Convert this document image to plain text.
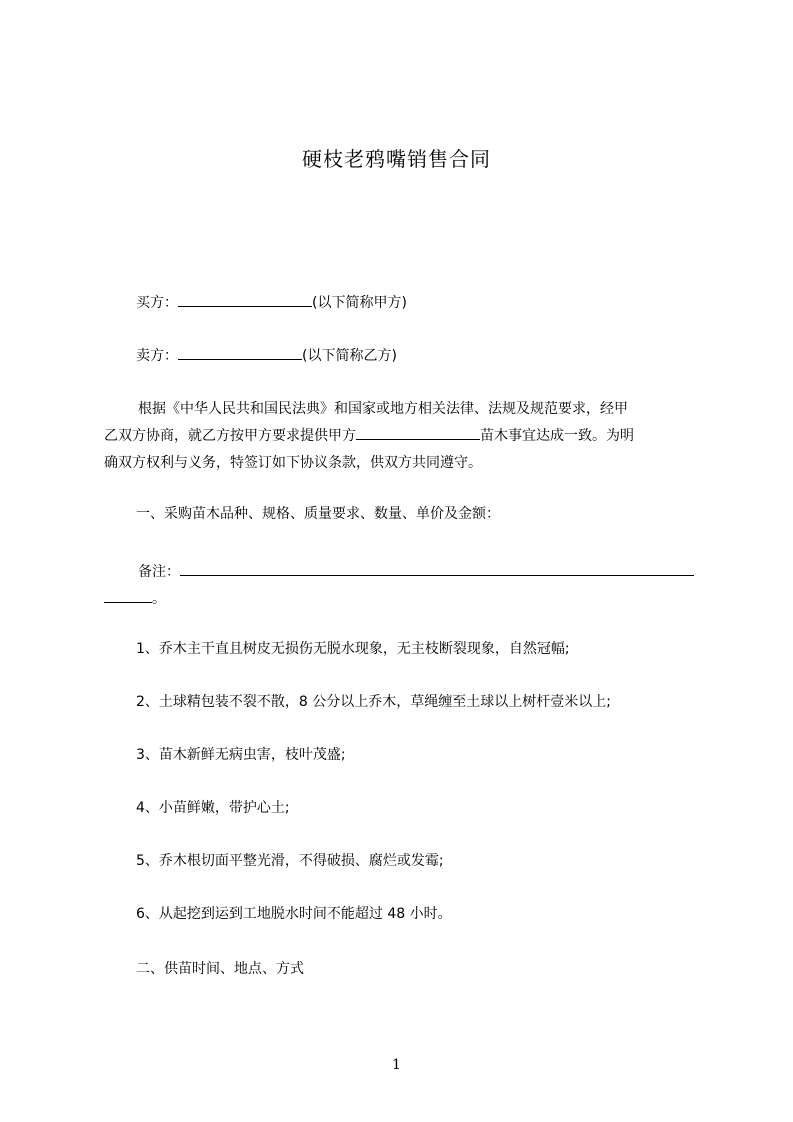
硬枝老鸦嘴销售合同
买方：	(以下简称甲方)
卖方：	(以下简称乙方)
根据《中华人民共和国民法典》和国家或地方相关法律、法规及规范要求，经甲
乙双方协商，就乙方按甲方要求提供甲方	苗木事宜达成一致。为明
确双方权利与义务，特签订如下协议条款，供双方共同遵守。
一、采购苗木品种、规格、质量要求、数量、单价及金额：
备注：
。
1、乔木主干直且树皮无损伤无脱水现象，无主枝断裂现象，自然冠幅;
2、土球精包装不裂不散，8 公分以上乔木，草绳缠至土球以上树杆壹米以上;
3、苗木新鲜无病虫害，枝叶茂盛;
4、小苗鲜嫩，带护心土;
5、乔木根切面平整光滑，不得破损、腐烂或发霉;
6、从起挖到运到工地脱水时间不能超过 48 小时。
二、供苗时间、地点、方式
1
